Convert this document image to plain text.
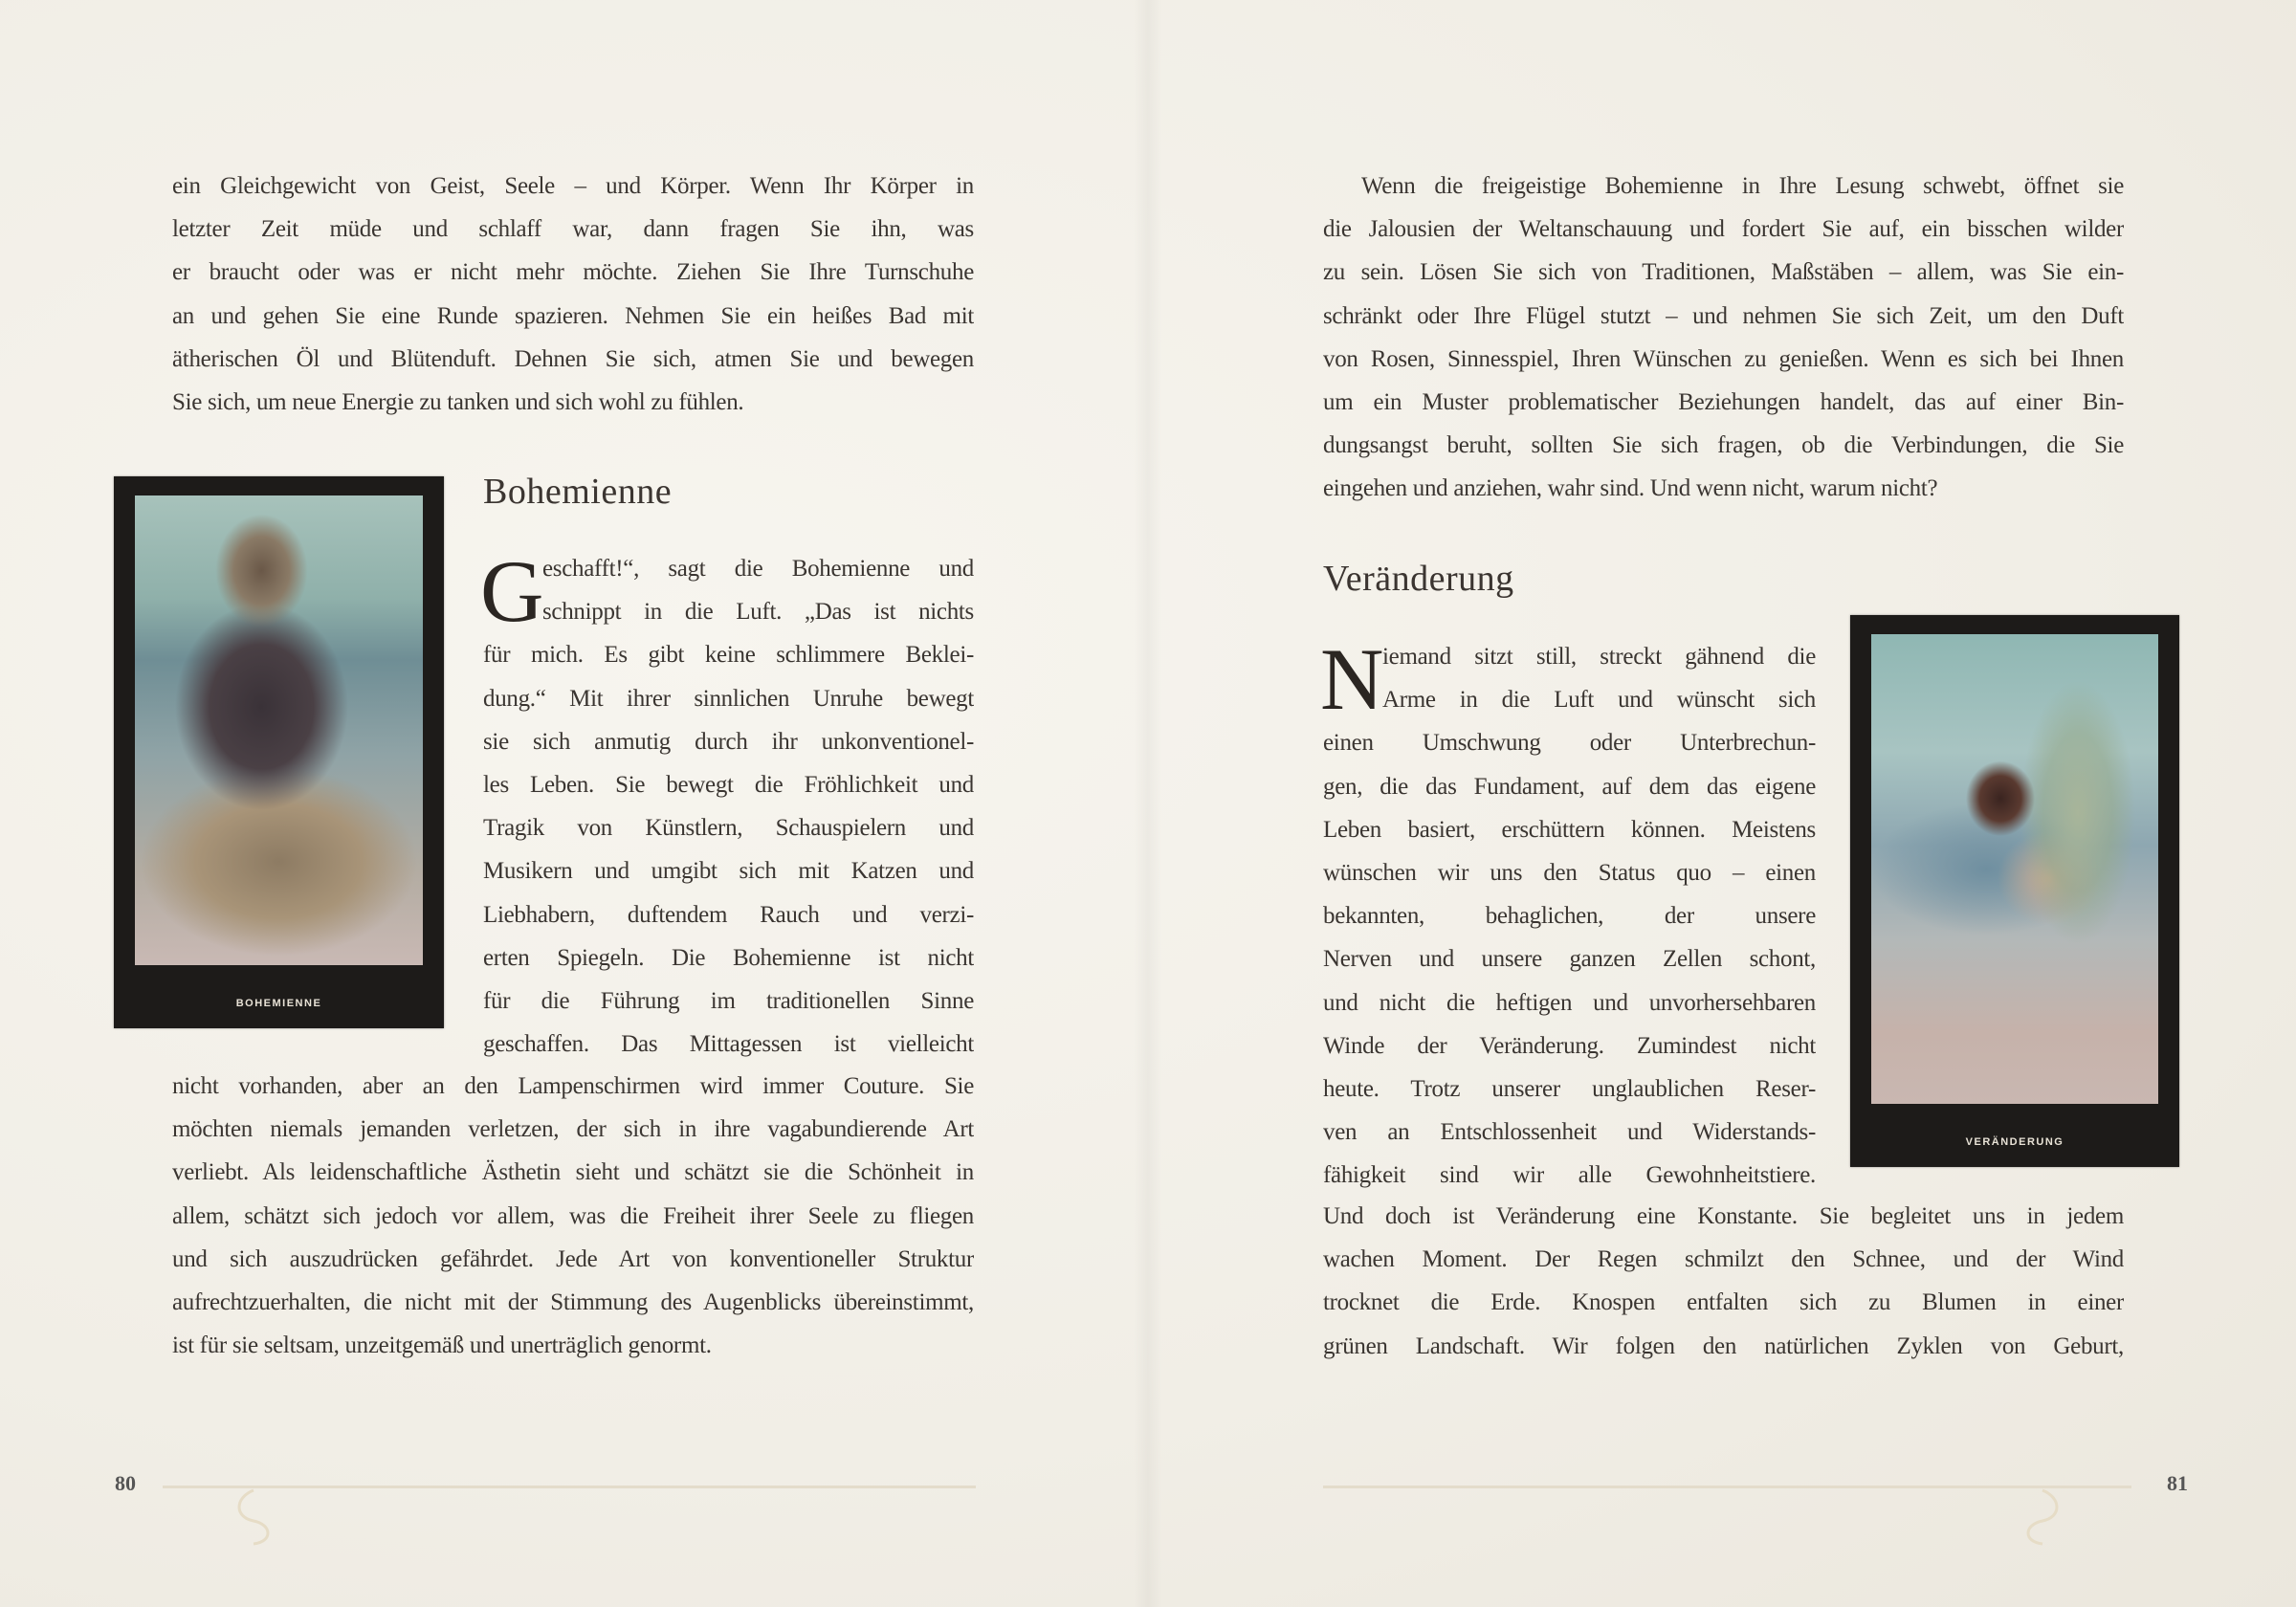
ein Gleichgewicht von Geist, Seele – und Körper. Wenn Ihr Körper in
letzter Zeit müde und schlaff war, dann fragen Sie ihn, was
er braucht oder was er nicht mehr möchte. Ziehen Sie Ihre Turnschuhe
an und gehen Sie eine Runde spazieren. Nehmen Sie ein heißes Bad mit
ätherischen Öl und Blütenduft. Dehnen Sie sich, atmen Sie und bewegen
Sie sich, um neue Energie zu tanken und sich wohl zu fühlen.
Bohemienne
G
eschafft!“, sagt die Bohemienne und
schnippt in die Luft. „Das ist nichts
für mich. Es gibt keine schlimmere Beklei-
dung.“ Mit ihrer sinnlichen Unruhe bewegt
sie sich anmutig durch ihr unkonventionel-
les Leben. Sie bewegt die Fröhlichkeit und
Tragik von Künstlern, Schauspielern und
Musikern und umgibt sich mit Katzen und
Liebhabern, duftendem Rauch und verzi-
erten Spiegeln. Die Bohemienne ist nicht
für die Führung im traditionellen Sinne
geschaffen. Das Mittagessen ist vielleicht
nicht vorhanden, aber an den Lampenschirmen wird immer Couture. Sie
möchten niemals jemanden verletzen, der sich in ihre vagabundierende Art
verliebt. Als leidenschaftliche Ästhetin sieht und schätzt sie die Schönheit in
allem, schätzt sich jedoch vor allem, was die Freiheit ihrer Seele zu fliegen
und sich auszudrücken gefährdet. Jede Art von konventioneller Struktur
aufrechtzuerhalten, die nicht mit der Stimmung des Augenblicks übereinstimmt,
ist für sie seltsam, unzeitgemäß und unerträglich genormt.
BOHEMIENNE
80
Wenn die freigeistige Bohemienne in Ihre Lesung schwebt, öffnet sie
die Jalousien der Weltanschauung und fordert Sie auf, ein bisschen wilder
zu sein. Lösen Sie sich von Traditionen, Maßstäben – allem, was Sie ein-
schränkt oder Ihre Flügel stutzt – und nehmen Sie sich Zeit, um den Duft
von Rosen, Sinnesspiel, Ihren Wünschen zu genießen. Wenn es sich bei Ihnen
um ein Muster problematischer Beziehungen handelt, das auf einer Bin-
dungsangst beruht, sollten Sie sich fragen, ob die Verbindungen, die Sie
eingehen und anziehen, wahr sind. Und wenn nicht, warum nicht?
Veränderung
N
iemand sitzt still, streckt gähnend die
Arme in die Luft und wünscht sich
einen Umschwung oder Unterbrechun-
gen, die das Fundament, auf dem das eigene
Leben basiert, erschüttern können. Meistens
wünschen wir uns den Status quo – einen
bekannten, behaglichen, der unsere
Nerven und unsere ganzen Zellen schont,
und nicht die heftigen und unvorhersehbaren
Winde der Veränderung. Zumindest nicht
heute. Trotz unserer unglaublichen Reser-
ven an Entschlossenheit und Widerstands-
fähigkeit sind wir alle Gewohnheitstiere.
Und doch ist Veränderung eine Konstante. Sie begleitet uns in jedem
wachen Moment. Der Regen schmilzt den Schnee, und der Wind
trocknet die Erde. Knospen entfalten sich zu Blumen in einer
grünen Landschaft. Wir folgen den natürlichen Zyklen von Geburt,
VERÄNDERUNG
81
